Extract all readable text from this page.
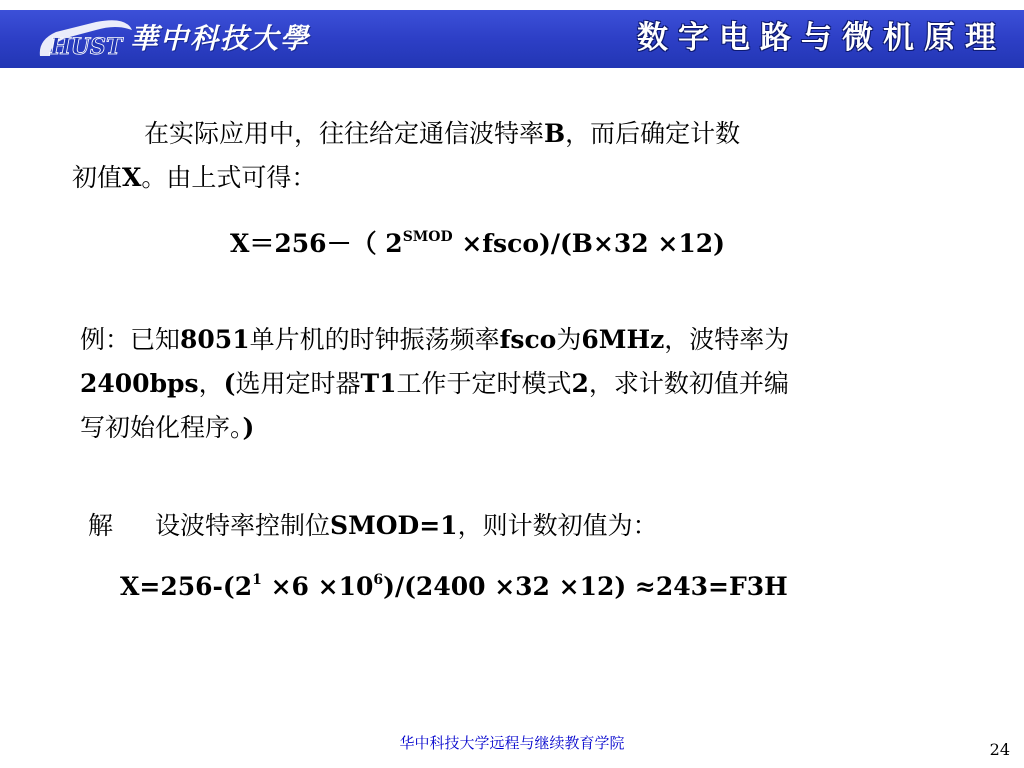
HUST 華中科技大學	数字电路与微机原理
在实际应用中，往往给定通信波特率B，而后确定计数
初值X。由上式可得：
X＝256－（ $2^{SMOD}$ ×fsco)/(B×32 ×12)
例：已知8051单片机的时钟振荡频率fsco为6MHz，波特率为
2400bps，(选用定时器T1工作于定时模式2，求计数初值并编
写初始化程序。)
解 设波特率控制位SMOD=1，则计数初值为：
$X=256-(2^1 \times 6 \times 10^6)/(2400 \times 32 \times 12) \approx 243=F3H$
华中科技大学远程与继续教育学院	24
